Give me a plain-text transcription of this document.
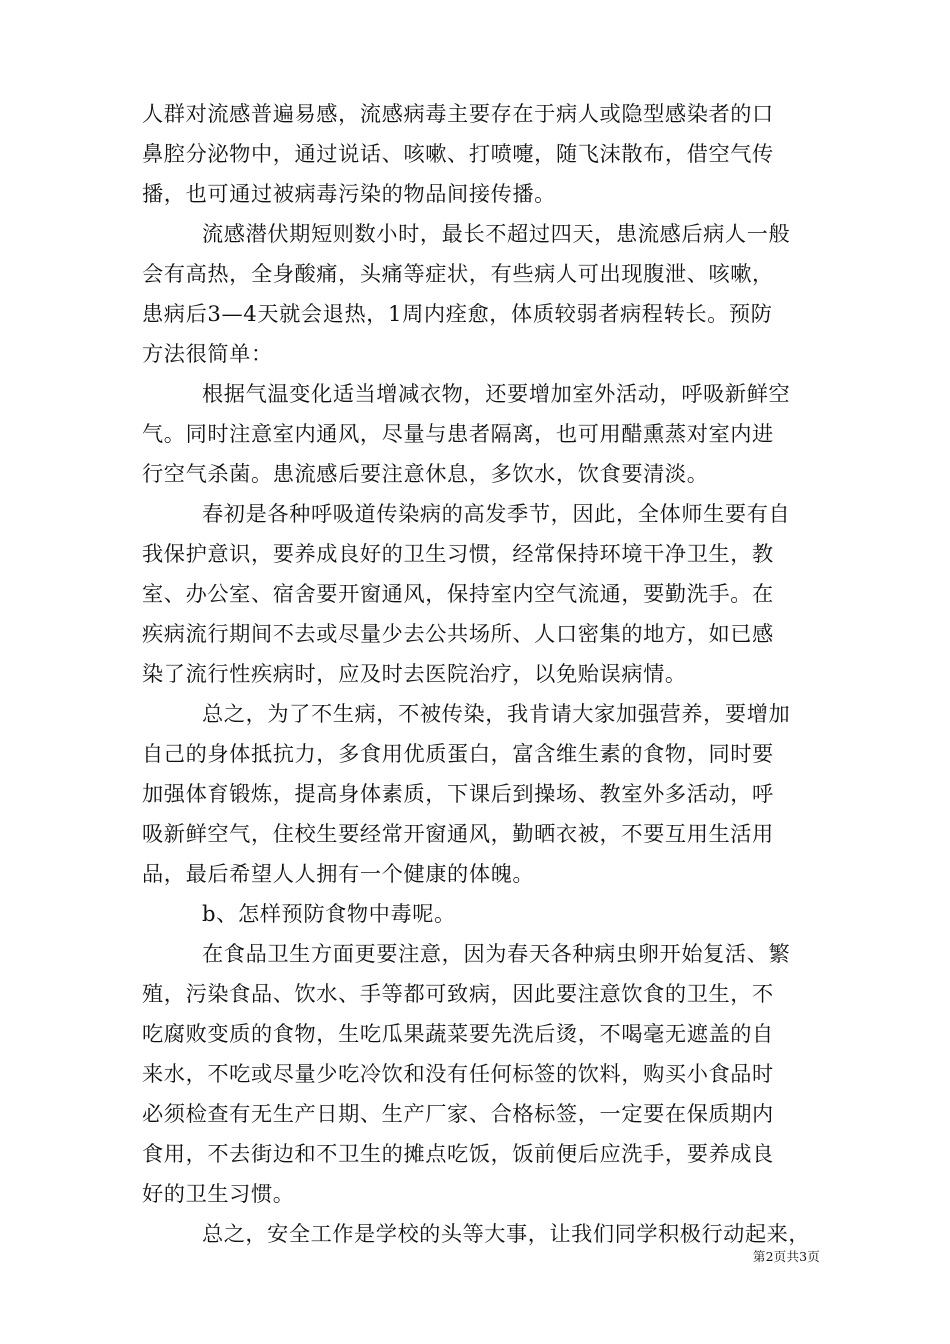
人群对流感普遍易感，流感病毒主要存在于病人或隐型感染者的口
鼻腔分泌物中，通过说话、咳嗽、打喷嚏，随飞沫散布，借空气传
播，也可通过被病毒污染的物品间接传播。

流感潜伏期短则数小时，最长不超过四天，患流感后病人一般
会有高热，全身酸痛，头痛等症状，有些病人可出现腹泄、咳嗽，
患病后3—4天就会退热，1周内痊愈，体质较弱者病程转长。预防
方法很简单：

根据气温变化适当增减衣物，还要增加室外活动，呼吸新鲜空
气。同时注意室内通风，尽量与患者隔离，也可用醋熏蒸对室内进
行空气杀菌。患流感后要注意休息，多饮水，饮食要清淡。

春初是各种呼吸道传染病的高发季节，因此，全体师生要有自
我保护意识，要养成良好的卫生习惯，经常保持环境干净卫生，教
室、办公室、宿舍要开窗通风，保持室内空气流通，要勤洗手。在
疾病流行期间不去或尽量少去公共场所、人口密集的地方，如已感
染了流行性疾病时，应及时去医院治疗，以免贻误病情。

总之，为了不生病，不被传染，我肯请大家加强营养，要增加
自己的身体抵抗力，多食用优质蛋白，富含维生素的食物，同时要
加强体育锻炼，提高身体素质，下课后到操场、教室外多活动，呼
吸新鲜空气，住校生要经常开窗通风，勤晒衣被，不要互用生活用
品，最后希望人人拥有一个健康的体魄。

b、怎样预防食物中毒呢。

在食品卫生方面更要注意，因为春天各种病虫卵开始复活、繁
殖，污染食品、饮水、手等都可致病，因此要注意饮食的卫生，不
吃腐败变质的食物，生吃瓜果蔬菜要先洗后烫，不喝毫无遮盖的自
来水，不吃或尽量少吃冷饮和没有任何标签的饮料，购买小食品时
必须检查有无生产日期、生产厂家、合格标签，一定要在保质期内
食用，不去街边和不卫生的摊点吃饭，饭前便后应洗手，要养成良
好的卫生习惯。

总之，安全工作是学校的头等大事，让我们同学积极行动起来，

第2页共3页
